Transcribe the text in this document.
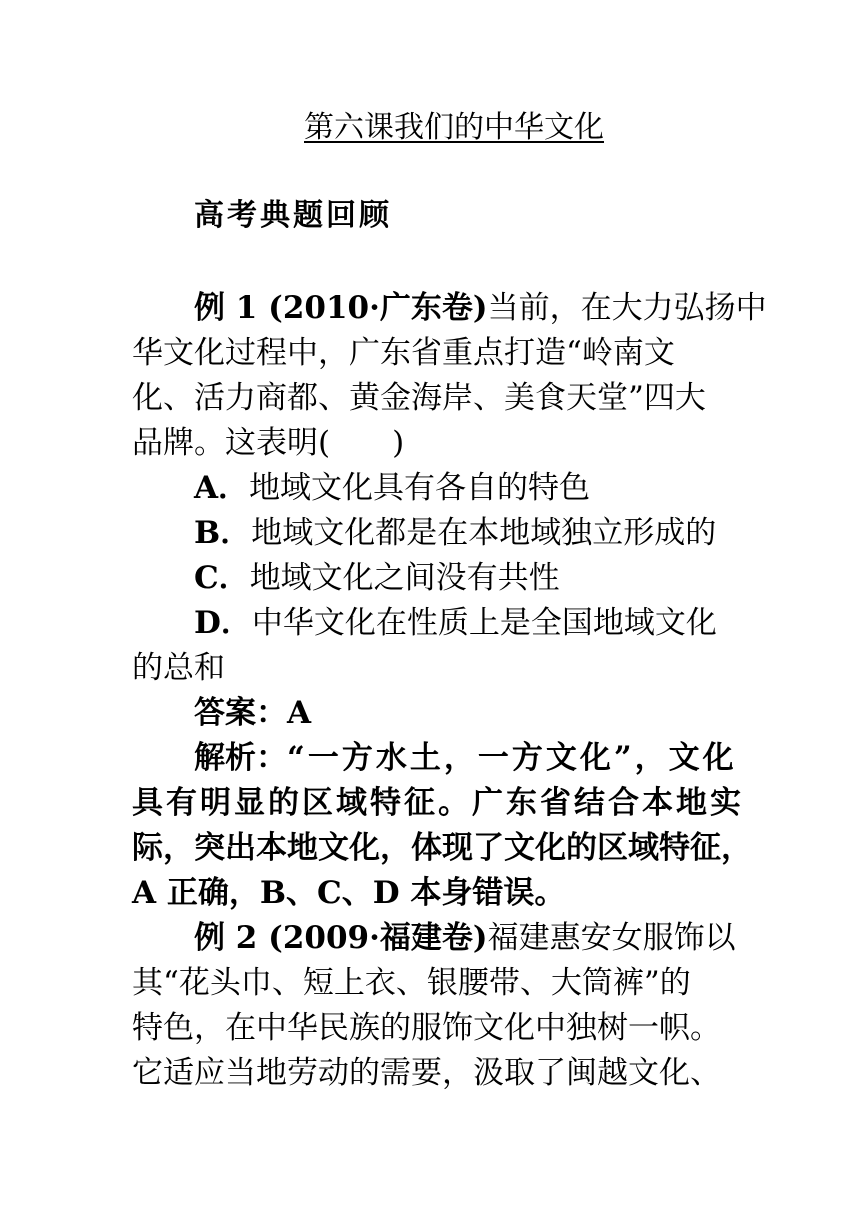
第六课我们的中华文化
高考典题回顾
例 1 (2010·广东卷)当前，在大力弘扬中
华文化过程中，广东省重点打造“岭南文
化、活力商都、黄金海岸、美食天堂”四大
品牌。这表明(　　)
A．地域文化具有各自的特色
B．地域文化都是在本地域独立形成的
C．地域文化之间没有共性
D．中华文化在性质上是全国地域文化
的总和
答案：A
解析：“一方水土，一方文化”，文化
具有明显的区域特征。广东省结合本地实
际，突出本地文化，体现了文化的区域特征，
A 正确，B、C、D 本身错误。
例 2 (2009·福建卷)福建惠安女服饰以
其“花头巾、短上衣、银腰带、大筒裤”的
特色，在中华民族的服饰文化中独树一帜。
它适应当地劳动的需要，汲取了闽越文化、
